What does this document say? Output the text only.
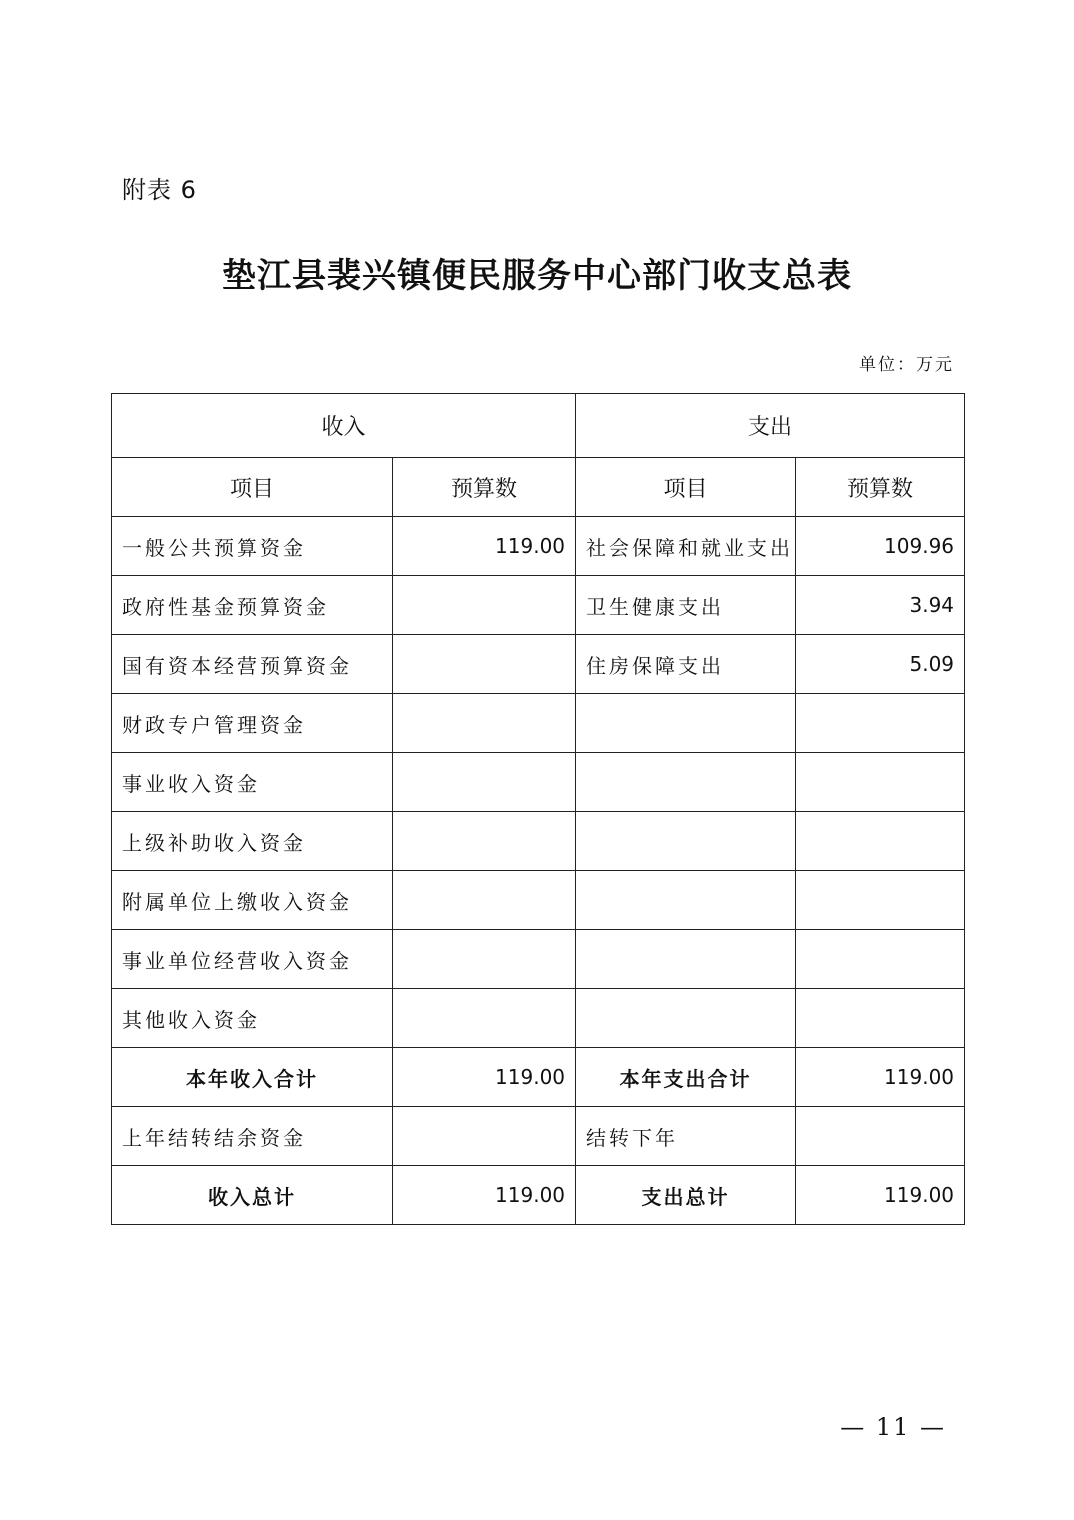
附表 6
垫江县裴兴镇便民服务中心部门收支总表
单位：万元
收入		支出	
项目	预算数	项目	预算数
一般公共预算资金	119.00	社会保障和就业支出	109.96
政府性基金预算资金		卫生健康支出	3.94
国有资本经营预算资金		住房保障支出	5.09
财政专户管理资金			
事业收入资金			
上级补助收入资金			
附属单位上缴收入资金			
事业单位经营收入资金			
其他收入资金			
本年收入合计	119.00	本年支出合计	119.00
上年结转结余资金		结转下年	
收入总计	119.00	支出总计	119.00
— 11 —
